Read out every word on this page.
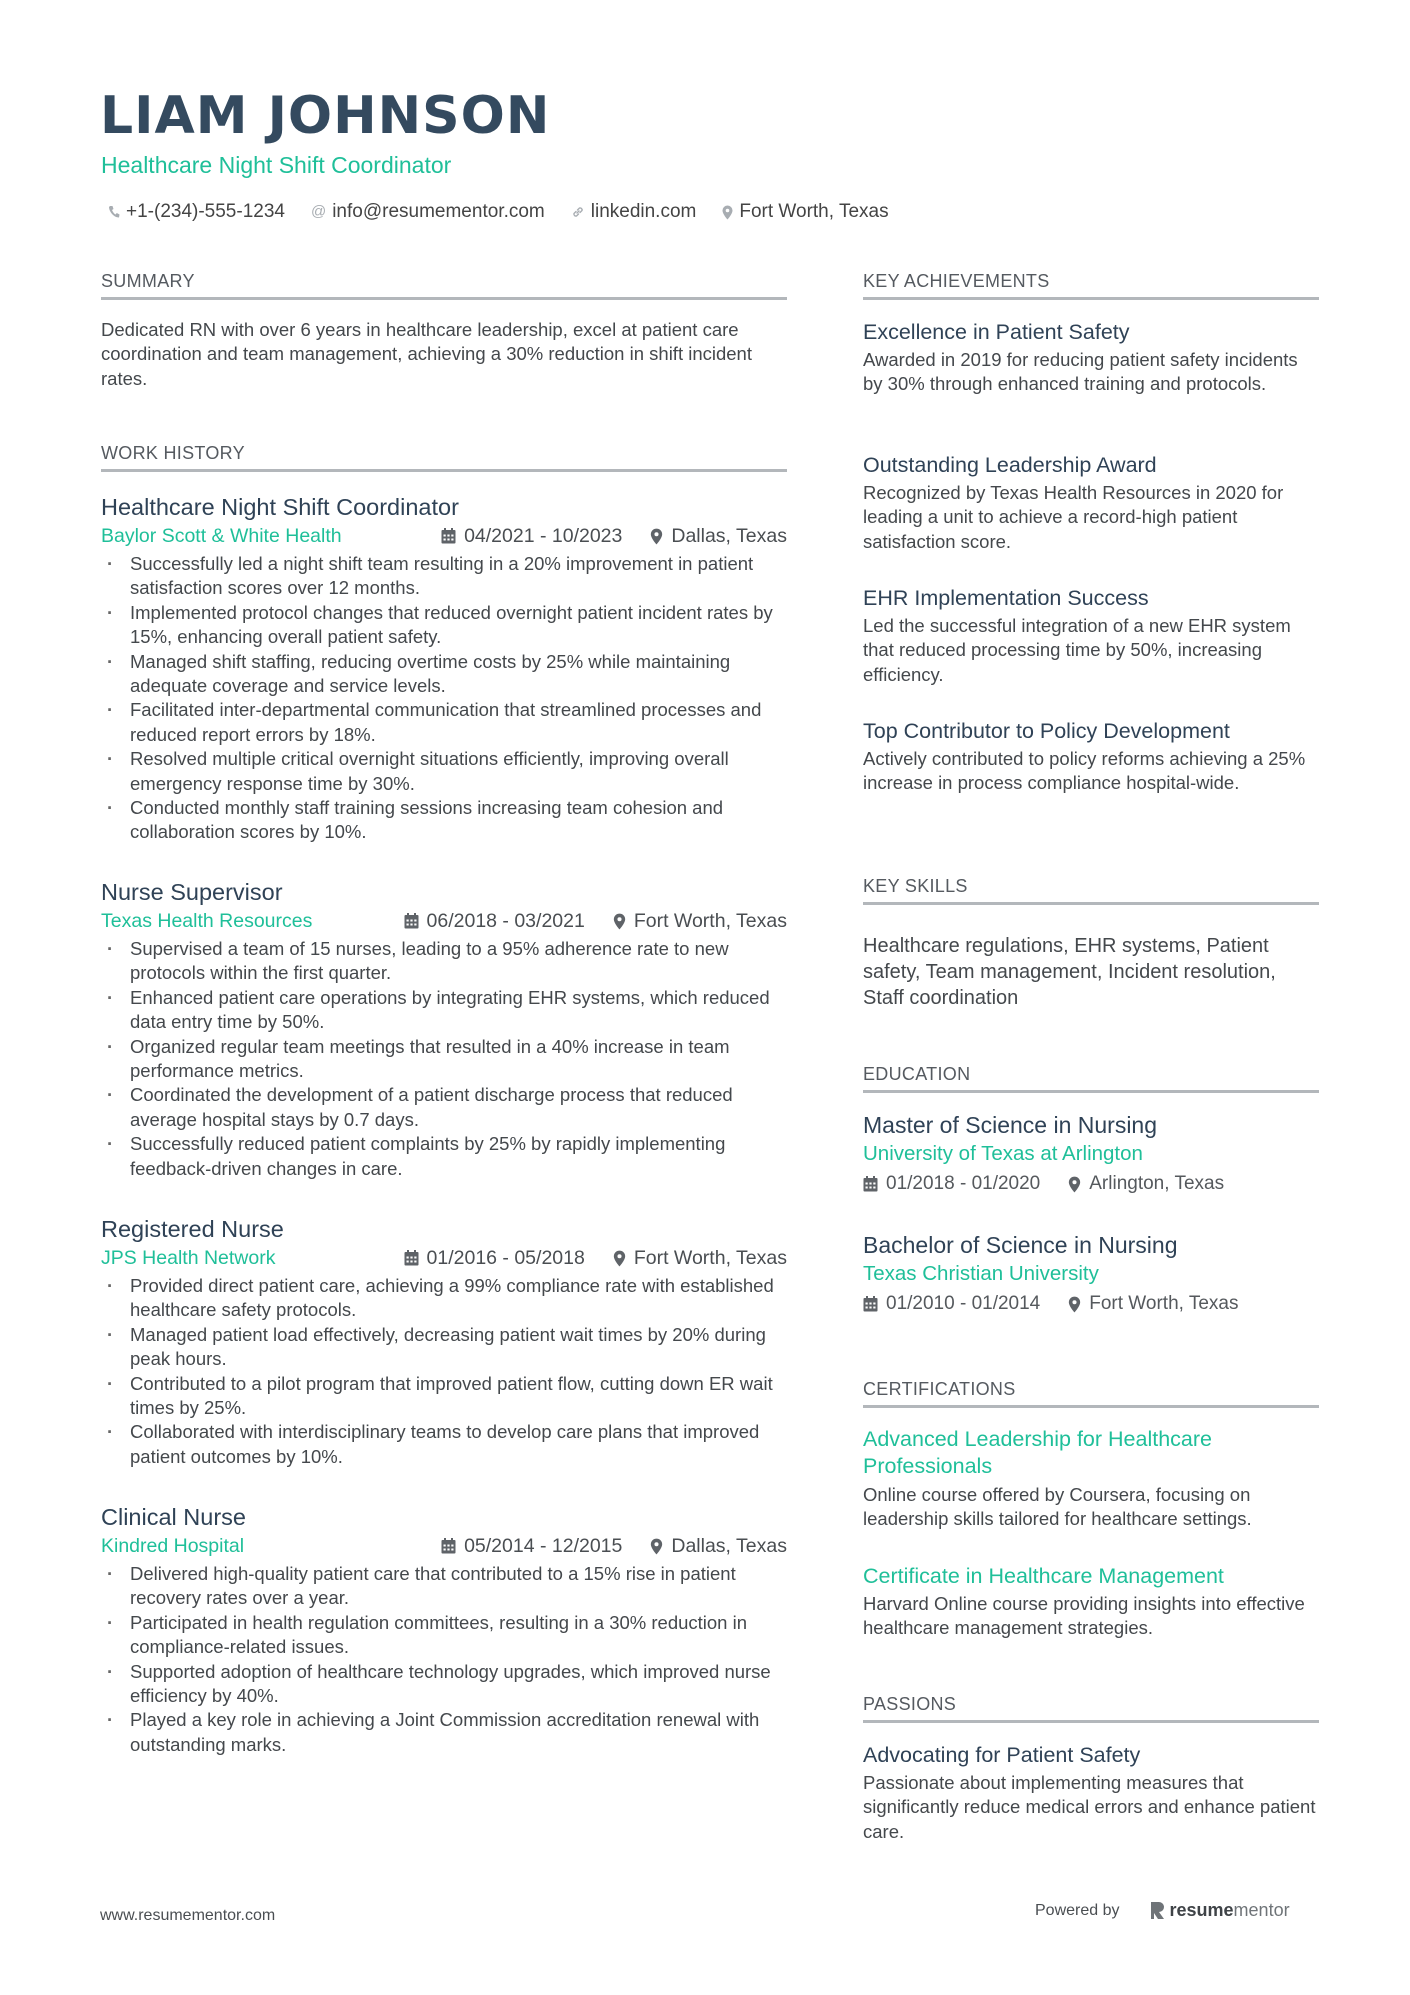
LIAM JOHNSON
Healthcare Night Shift Coordinator
+1-(234)-555-1234 @ info@resumementor.com linkedin.com Fort Worth, Texas
SUMMARY
Dedicated RN with over 6 years in healthcare leadership, excel at patient care coordination and team management, achieving a 30% reduction in shift incident rates.
WORK HISTORY
Healthcare Night Shift Coordinator
Baylor Scott & White Health	04/2021 - 10/2023	Dallas, Texas
· Successfully led a night shift team resulting in a 20% improvement in patient satisfaction scores over 12 months.
· Implemented protocol changes that reduced overnight patient incident rates by 15%, enhancing overall patient safety.
· Managed shift staffing, reducing overtime costs by 25% while maintaining adequate coverage and service levels.
· Facilitated inter-departmental communication that streamlined processes and reduced report errors by 18%.
· Resolved multiple critical overnight situations efficiently, improving overall emergency response time by 30%.
· Conducted monthly staff training sessions increasing team cohesion and collaboration scores by 10%.
Nurse Supervisor
Texas Health Resources	06/2018 - 03/2021	Fort Worth, Texas
· Supervised a team of 15 nurses, leading to a 95% adherence rate to new protocols within the first quarter.
· Enhanced patient care operations by integrating EHR systems, which reduced data entry time by 50%.
· Organized regular team meetings that resulted in a 40% increase in team performance metrics.
· Coordinated the development of a patient discharge process that reduced average hospital stays by 0.7 days.
· Successfully reduced patient complaints by 25% by rapidly implementing feedback-driven changes in care.
Registered Nurse
JPS Health Network	01/2016 - 05/2018	Fort Worth, Texas
· Provided direct patient care, achieving a 99% compliance rate with established healthcare safety protocols.
· Managed patient load effectively, decreasing patient wait times by 20% during peak hours.
· Contributed to a pilot program that improved patient flow, cutting down ER wait times by 25%.
· Collaborated with interdisciplinary teams to develop care plans that improved patient outcomes by 10%.
Clinical Nurse
Kindred Hospital	05/2014 - 12/2015	Dallas, Texas
· Delivered high-quality patient care that contributed to a 15% rise in patient recovery rates over a year.
· Participated in health regulation committees, resulting in a 30% reduction in compliance-related issues.
· Supported adoption of healthcare technology upgrades, which improved nurse efficiency by 40%.
· Played a key role in achieving a Joint Commission accreditation renewal with outstanding marks.
KEY ACHIEVEMENTS
Excellence in Patient Safety
Awarded in 2019 for reducing patient safety incidents by 30% through enhanced training and protocols.
Outstanding Leadership Award
Recognized by Texas Health Resources in 2020 for leading a unit to achieve a record-high patient satisfaction score.
EHR Implementation Success
Led the successful integration of a new EHR system that reduced processing time by 50%, increasing efficiency.
Top Contributor to Policy Development
Actively contributed to policy reforms achieving a 25% increase in process compliance hospital-wide.
KEY SKILLS
Healthcare regulations, EHR systems, Patient safety, Team management, Incident resolution, Staff coordination
EDUCATION
Master of Science in Nursing
University of Texas at Arlington
01/2018 - 01/2020	Arlington, Texas
Bachelor of Science in Nursing
Texas Christian University
01/2010 - 01/2014	Fort Worth, Texas
CERTIFICATIONS
Advanced Leadership for Healthcare Professionals
Online course offered by Coursera, focusing on leadership skills tailored for healthcare settings.
Certificate in Healthcare Management
Harvard Online course providing insights into effective healthcare management strategies.
PASSIONS
Advocating for Patient Safety
Passionate about implementing measures that significantly reduce medical errors and enhance patient care.
www.resumementor.com	Powered by	resume mentor
